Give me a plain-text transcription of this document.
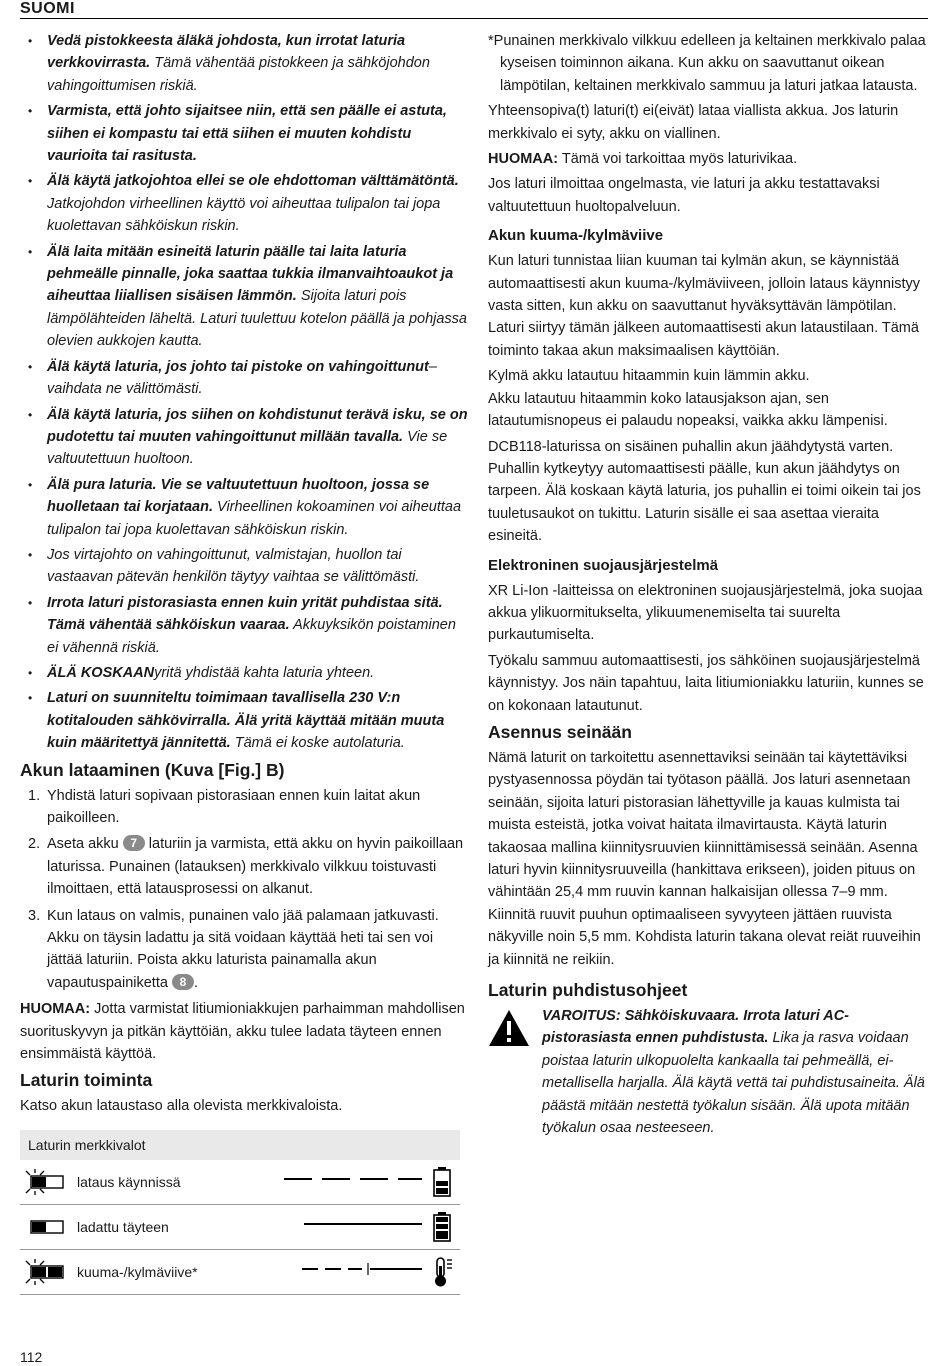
SUOMI
• Vedä pistokkeesta äläkä johdosta, kun irrotat laturia verkkovirrasta. Tämä vähentää pistokkeen ja sähköjohdon vahingoittumisen riskiä.
• Varmista, että johto sijaitsee niin, että sen päälle ei astuta, siihen ei kompastu tai että siihen ei muuten kohdistu vaurioita tai rasitusta.
• Älä käytä jatkojohtoa ellei se ole ehdottoman välttämätöntä. Jatkojohdon virheellinen käyttö voi aiheuttaa tulipalon tai jopa kuolettavan sähköiskun riskin.
• Älä laita mitään esineitä laturin päälle tai laita laturia pehmeälle pinnalle, joka saattaa tukkia ilmanvaihtoaukot ja aiheuttaa liiallisen sisäisen lämmön. Sijoita laturi pois lämpölähteiden läheltä. Laturi tuulettuu kotelon päällä ja pohjassa olevien aukkojen kautta.
• Älä käytä laturia, jos johto tai pistoke on vahingoittunut– vaihdata ne välittömästi.
• Älä käytä laturia, jos siihen on kohdistunut terävä isku, se on pudotettu tai muuten vahingoittunut millään tavalla. Vie se valtuutettuun huoltoon.
• Älä pura laturia. Vie se valtuutettuun huoltoon, jossa se huolletaan tai korjataan. Virheellinen kokoaminen voi aiheuttaa tulipalon tai jopa kuolettavan sähköiskun riskin.
• Jos virtajohto on vahingoittunut, valmistajan, huollon tai vastaavan pätevän henkilön täytyy vaihtaa se välittömästi.
• Irrota laturi pistorasiasta ennen kuin yrität puhdistaa sitä. Tämä vähentää sähköiskun vaaraa. Akkuyksikön poistaminen ei vähennä riskiä.
• ÄLÄ KOSKAANyritä yhdistää kahta laturia yhteen.
• Laturi on suunniteltu toimimaan tavallisella 230 V:n kotitalouden sähkövirralla. Älä yritä käyttää mitään muuta kuin määritettyä jännitettä. Tämä ei koske autolaturia.
Akun lataaminen (Kuva [Fig.] B)
1. Yhdistä laturi sopivaan pistorasiaan ennen kuin laitat akun paikoilleen.
2. Aseta akku 7 laturiin ja varmista, että akku on hyvin paikoillaan laturissa. Punainen (latauksen) merkkivalo vilkkuu toistuvasti ilmoittaen, että latausprosessi on alkanut.
3. Kun lataus on valmis, punainen valo jää palamaan jatkuvasti. Akku on täysin ladattu ja sitä voidaan käyttää heti tai sen voi jättää laturiin. Poista akku laturista painamalla akun vapautuspainiketta 8 .

HUOMAA: Jotta varmistat litiumioniakkujen parhaimman mahdollisen suorituskyvyn ja pitkän käyttöiän, akku tulee ladata täyteen ennen ensimmäistä käyttöä.

Laturin toiminta

Katso akun lataustaso alla olevista merkkivaloista.

Laturin merkkivalot
lataus käynnissä
ladattu täyteen
kuuma-/kylmäviive*

*Punainen merkkivalo vilkkuu edelleen ja keltainen merkkivalo palaa kyseisen toiminnon aikana. Kun akku on saavuttanut oikean lämpötilan, keltainen merkkivalo sammuu ja laturi jatkaa latausta.

Yhteensopiva(t) laturi(t) ei(eivät) lataa viallista akkua. Jos laturin merkkivalo ei syty, akku on viallinen.

HUOMAA: Tämä voi tarkoittaa myös laturivikaa.

Jos laturi ilmoittaa ongelmasta, vie laturi ja akku testattavaksi valtuutettuun huoltopalveluun.

Akun kuuma-/kylmäviive

Kun laturi tunnistaa liian kuuman tai kylmän akun, se käynnistää automaattisesti akun kuuma-/kylmäviiveen, jolloin lataus käynnistyy vasta sitten, kun akku on saavuttanut hyväksyttävän lämpötilan. Laturi siirtyy tämän jälkeen automaattisesti akun lataustilaan. Tämä toiminto takaa akun maksimaalisen käyttöiän.

Kylmä akku latautuu hitaammin kuin lämmin akku.

Akku latautuu hitaammin koko latausjakson ajan, sen latautumisnopeus ei palaudu nopeaksi, vaikka akku lämpenisi.

DCB118-laturissa on sisäinen puhallin akun jäähdytystä varten. Puhallin kytkeytyy automaattisesti päälle, kun akun jäähdytys on tarpeen. Älä koskaan käytä laturia, jos puhallin ei toimi oikein tai jos tuuletusaukot on tukittu. Laturin sisälle ei saa asettaa vieraita esineitä.

Elektroninen suojausjärjestelmä

XR Li-Ion -laitteissa on elektroninen suojausjärjestelmä, joka suojaa akkua ylikuormitukselta, ylikuumenemiselta tai suurelta purkautumiselta.

Työkalu sammuu automaattisesti, jos sähköinen suojausjärjestelmä käynnistyy. Jos näin tapahtuu, laita litiumioniakku laturiin, kunnes se on kokonaan latautunut.

Asennus seinään

Nämä laturit on tarkoitettu asennettaviksi seinään tai käytettäviksi pystyasennossa pöydän tai työtason päällä. Jos laturi asennetaan seinään, sijoita laturi pistorasian lähettyville ja kauas kulmista tai muista esteistä, jotka voivat haitata ilmavirtausta. Käytä laturin takaosaa mallina kiinnitysruuvien kiinnittämisessä seinään. Asenna laturi hyvin kiinnitysruuveilla (hankittava erikseen), joiden pituus on vähintään 25,4 mm ruuvin kannan halkaisijan ollessa 7–9 mm. Kiinnitä ruuvit puuhun optimaaliseen syvyyteen jättäen ruuvista näkyville noin 5,5 mm. Kohdista laturin takana olevat reiät ruuveihin ja kiinnitä ne reikiin.

Laturin puhdistusohjeet
VAROITUS: Sähköiskuvaara. Irrota laturi AC-pistorasiasta ennen puhdistusta. Lika ja rasva voidaan poistaa laturin ulkopuolelta kankaalla tai pehmeällä, ei-metallisella harjalla. Älä käytä vettä tai puhdistusaineita. Älä päästä mitään nestettä työkalun sisään. Älä upota mitään työkalun osaa nesteeseen.
112
